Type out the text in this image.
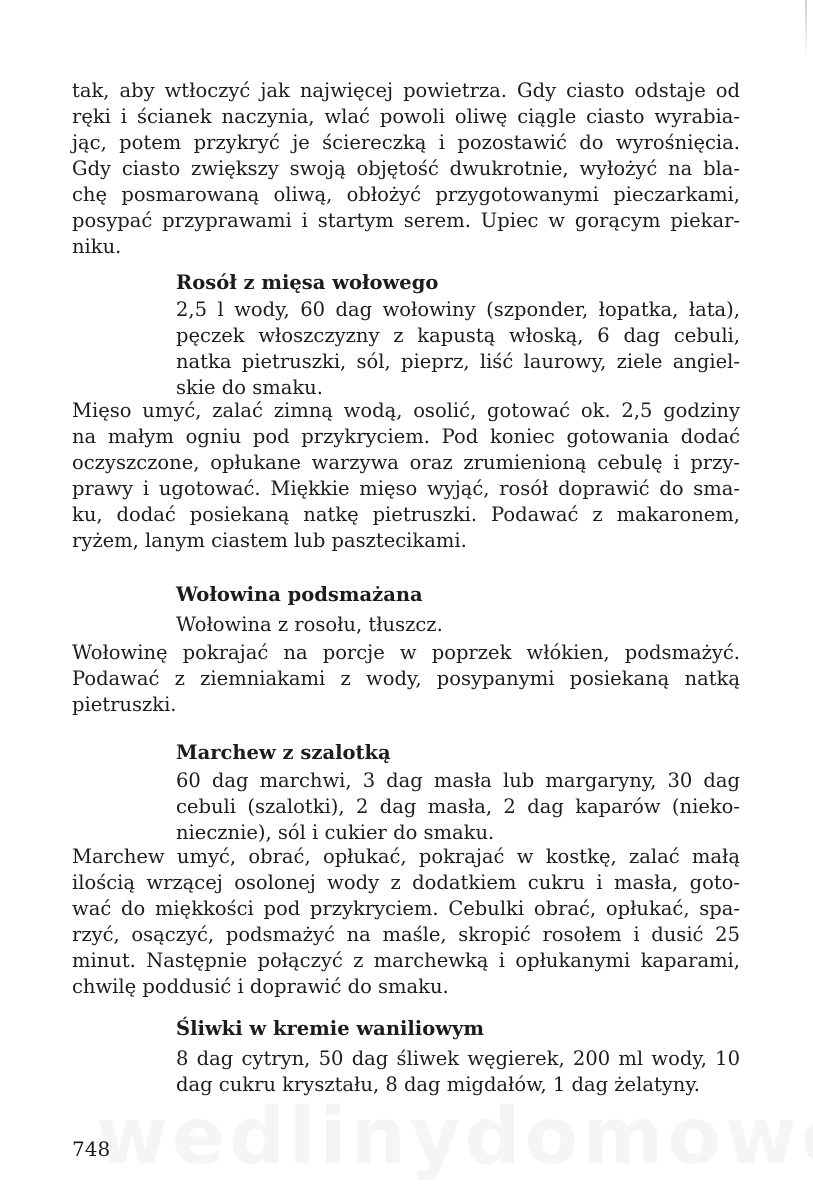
tak, aby wtłoczyć jak najwięcej powietrza. Gdy ciasto odstaje od
ręki i ścianek naczynia, wlać powoli oliwę ciągle ciasto wyrabia-
jąc, potem przykryć je ściereczką i pozostawić do wyrośnięcia.
Gdy ciasto zwiększy swoją objętość dwukrotnie, wyłożyć na bla-
chę posmarowaną oliwą, obłożyć przygotowanymi pieczarkami,
posypać przyprawami i startym serem. Upiec w gorącym piekar-
niku.

Rosół z mięsa wołowego

2,5 l wody, 60 dag wołowiny (szponder, łopatka, łata),
pęczek włoszczyzny z kapustą włoską, 6 dag cebuli,
natka pietruszki, sól, pieprz, liść laurowy, ziele angiel-
skie do smaku.

Mięso umyć, zalać zimną wodą, osolić, gotować ok. 2,5 godziny
na małym ogniu pod przykryciem. Pod koniec gotowania dodać
oczyszczone, opłukane warzywa oraz zrumienioną cebulę i przy-
prawy i ugotować. Miękkie mięso wyjąć, rosół doprawić do sma-
ku, dodać posiekaną natkę pietruszki. Podawać z makaronem,
ryżem, lanym ciastem lub pasztecikami.

Wołowina podsmażana

Wołowina z rosołu, tłuszcz.

Wołowinę pokrajać na porcje w poprzek włókien, podsmażyć.
Podawać z ziemniakami z wody, posypanymi posiekaną natką
pietruszki.

Marchew z szalotką

60 dag marchwi, 3 dag masła lub margaryny, 30 dag
cebuli (szalotki), 2 dag masła, 2 dag kaparów (nieko-
niecznie), sól i cukier do smaku.

Marchew umyć, obrać, opłukać, pokrajać w kostkę, zalać małą
ilością wrzącej osolonej wody z dodatkiem cukru i masła, goto-
wać do miękkości pod przykryciem. Cebulki obrać, opłukać, spa-
rzyć, osączyć, podsmażyć na maśle, skropić rosołem i dusić 25
minut. Następnie połączyć z marchewką i opłukanymi kaparami,
chwilę poddusić i doprawić do smaku.

Śliwki w kremie waniliowym

8 dag cytryn, 50 dag śliwek węgierek, 200 ml wody, 10
dag cukru kryształu, 8 dag migdałów, 1 dag żelatyny.

748
